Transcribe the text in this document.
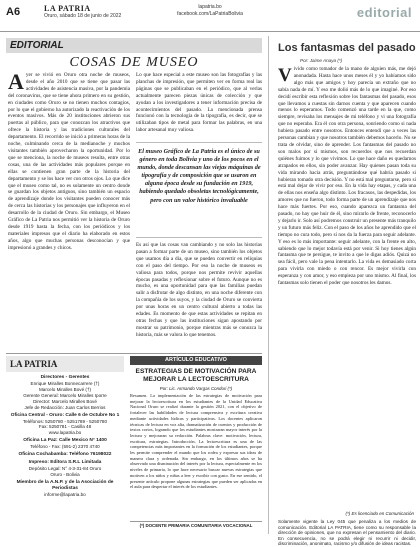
A6	LA PATRIA
Oruro, sábado 18 de junio de 2022
lapatria.bo
facebook.com/LaPatriaBolivia	editorial
EDITORIAL
COSAS DE MUSEO
A yer se vivió en Oruro otra noche de museos, desde el año 2010 que se tiene que pasar las actividades de asistencia masiva, por la pandemia del coronavirus, que se tiene ahora primero en su gestión, en ciudades como Oruro se no tienen muchos contagios, por lo que el gobierno ha autorizado la reactivación de los eventos masivos. Más de 20 instituciones abrieron sus puertas al público, para que conozcan los atractivos que ofrece la historia y las tradiciones culturales del departamento. El recorrido se inició a primeras horas de la noche, culminando cerca de la medianoche y muchos visitantes también aprovecharon la oportunidad. Por lo que se menciona, la noche de museos resulta, entre otras cosas, una de las actividades más populares porque en ellas se contienen gran parte de la historia del departamento y se los hace ver con otros ojos. Lo que dice que el museo como tal, no es solamente un centro donde se guardan los objetos antiguos, sino también un espacio de aprendizaje donde los visitantes pueden conocer más de cerca las historias y los personajes que influyeron en el desarrollo de la ciudad de Oruro. Sin embargo, el Museo Gráfico de La Patria nos permitió ver la historia de Oruro desde 1919 hasta la fecha, con los periódicos y los materiales impresos que el diario ha elaborado en estos años, algo que muchas personas desconocían y que impresionó a grandes y chicos.
Lo que hace especial a este museo son las fotografías y las planchas de impresión, que permiten ver en forma real las páginas que se publicaban en el periódico, que al verlas actualmente parecen piezas únicas de colección y que ayudan a los investigadores a tener información precisa de acontecimientos del pasado. La mencionada prensa funcionó con la tecnología de la tipografía, es decir, que se utilizaban tipos de metal para formar las palabras, en una labor artesanal muy valiosa.
El museo Gráfico de La Patria es el único de su género en toda Bolivia y uno de los pocos en el mundo, donde descansan las viejas máquinas de tipografía y de composición que se usaron en alguna época desde su fundación en 1919, habiendo quedado obsoletas tecnológicamente, pero con un valor histórico invaluable
Es así que las cosas van cambiando y no solo las historias pasan a formar parte de un museo, sino también los objetos que usamos día a día, que se pueden convertir en reliquias con el paso del tiempo. Por eso la noche de museos es valiosa para todos, porque nos permite revivir aquellas épocas pasadas y reflexionar sobre el futuro. Aunque no es mucho, es una oportunidad para que las familias puedan salir a disfrutar de algo distinto, en una noche diferente con la compañía de los suyos, y la ciudad de Oruro se convierta por unas horas en un centro cultural abierto a todas las edades. Es momento de que estas actividades se repitan en otras fechas y que las instituciones sigan apostando por mostrar su patrimonio, porque mientras más se conozca la historia, más se valora lo que tenemos.
Los fantasmas del pasado
Por: Jaime Anaya (*)
V ivido como tomador de la mano de alguien más, me dejó anonadada. Hasta hace unos meses él y yo habíamos sido algo más que amigos y hoy parecía un extraño que no sabía nada de mí. Y eso me dolió más de lo que imaginé. Por eso decidí escribir esta reflexión sobre los fantasmas del pasado, esos que llevamos a cuestas sin darnos cuenta y que aparecen cuando menos lo esperamos. Todo comenzó una tarde en la que, como siempre, revisaba los mensajes de mi teléfono y vi una fotografía que no esperaba. Era él con otra persona, sonriendo como si nada hubiera pasado entre nosotros. Entonces entendí que a veces las personas cambian y que nosotros también debemos hacerlo. No se trata de olvidar, sino de aprender. Los fantasmas del pasado no son malos por sí mismos, son recuerdos que nos recuerdan quiénes fuimos y lo que vivimos. Lo que hace daño es quedarnos atrapados en ellos, sin poder avanzar. Hay quienes pasan toda su vida mirando hacia atrás, preguntándose qué habría pasado si hubieran tomado otra decisión. Y no está mal preguntarse, pero sí está mal dejar de vivir por eso. En la vida hay etapas, y cada una de ellas nos enseña algo distinto. Los fracasos, las despedidas, los amores que no fueron, todo forma parte de un aprendizaje que nos hace más fuertes. Por eso, cuando aparezca un fantasma del pasado, no hay que huir de él, sino mirarlo de frente, reconocerlo y dejarlo ir. Solo así podremos construir un presente más tranquilo y un futuro más feliz. Con el paso de los años he aprendido que el tiempo no cura todo, pero sí nos da la fuerza para seguir adelante. Y eso es lo más importante: seguir adelante, con la frente en alto, sabiendo que lo mejor todavía está por venir. Si hoy tienes algún fantasma que te persigue, te invito a que le digas adiós. Quizá no sea fácil, pero vale la pena intentarlo. La vida es demasiado corta para vivirla con miedo o con rencor. Es mejor vivirla con esperanza y con amor, y eso empieza por uno mismo. Al final, los fantasmas solo tienen el poder que nosotros les damos.
(*) Es licenciado en Comunicación
Solamente vigente la Ley 045 que penaliza a los medios de comunicación. Editorial LA PATRIA, tiene como su responsable la dirección de opiniones, que no expresan el pensamiento del diario. En consecuencia, no se podrá elegir ni recurrir ni decidir, discriminación, anonimato, racismo y/o difusión de ideas racistas.
LA PATRIA
Directores - Gerentes
Enrique Miralles Bonnecarrere (†)
Marcelo Miralles Bové (†)
Gerente General: Marcelo Miralles Iporre
Director: Marcelo Miralles Bové
Jefe de Redacción: Juan Carlos Berrios
Oficina Central - Oruro: Calle 6 de Octubre No 1
Teléfonos: 5250780 - 5251789 - 5250780
Fax: 5250781 - Casilla 48
www.lapatria.bo
Oficina La Paz: Calle Mexico N° 1400
Teléfono - Fax: (591-2) 2370 4740
Oficina Cochabamba: Teléfono 76198022
Impreso: Editora S.R.L Limitada
Depósito Legal: N° 4-3-31-84 Oruro
Oruro - Bolivia
Miembro de la A.N.P. y de la Asociación de Periodistas
informe@lapatria.bo
ARTÍCULO EDUCATIVO
ESTRATEGIAS DE MOTIVACIÓN PARA MEJORAR LA LECTOESCRITURA
Por: Lic. Armando Vargas Condori (*)
Resumen. La implementación de las estrategias de motivación para mejorar la lectoescritura en los estudiantes de la Unidad Educativa Nacional Oruro se realizó durante la gestión 2021, con el objetivo de fortalecer las habilidades de lectura comprensiva y escritura creativa mediante actividades lúdicas y participativas. Los docentes aplicaron técnicas de lectura en voz alta, dramatización de cuentos y producción de textos cortos, logrando que los estudiantes mostraran mayor interés por la lectura y mejoraran su redacción. Palabras clave: motivación, lectura, escritura, estrategias. Introducción. La lectoescritura es una de las competencias más importantes en la formación de los estudiantes, porque les permite comprender el mundo que los rodea y expresar sus ideas de manera clara y ordenada. Sin embargo, en los últimos años se ha observado una disminución del interés por la lectura, especialmente en los niveles de primaria, lo que hace necesario buscar nuevas estrategias que motiven a los niños y niñas a leer y escribir con gusto. En ese sentido, el presente artículo propone algunas estrategias que pueden ser aplicadas en el aula para despertar el interés de los estudiantes.
(*) DOCENTE PRIMARIA COMUNITARIA VOCACIONAL
